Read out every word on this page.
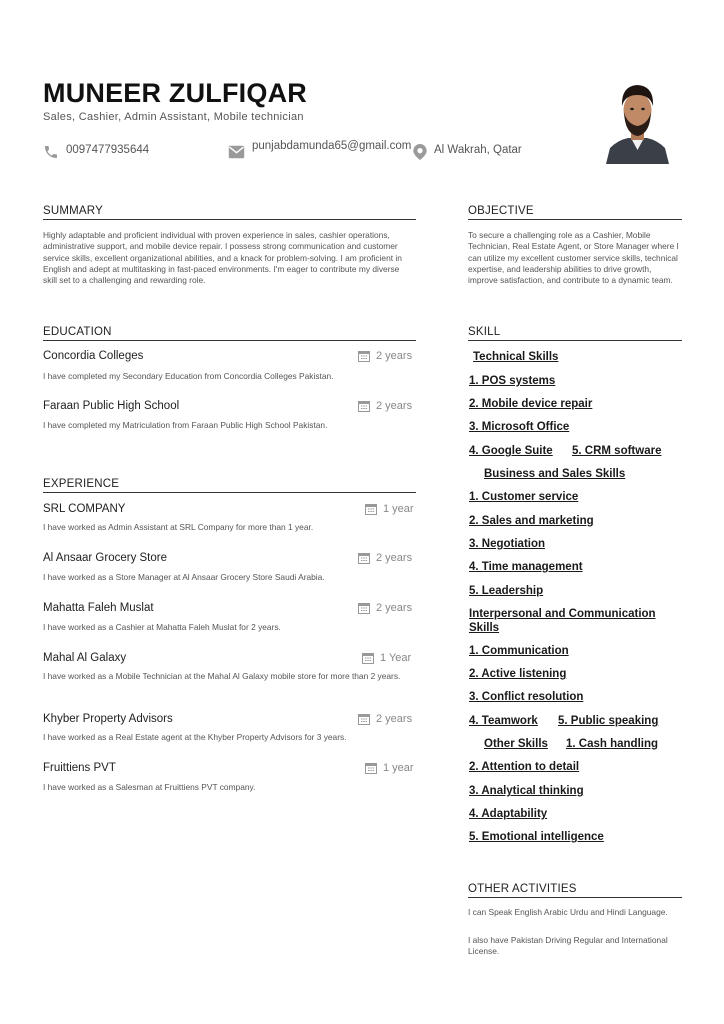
MUNEER ZULFIQAR
Sales, Cashier, Admin Assistant, Mobile technician
0097477935644	punjabdamunda65@gmail.com Al Wakrah, Qatar
SUMMARY
Highly adaptable and proficient individual with proven experience in sales, cashier operations, administrative support, and mobile device repair. I possess strong communication and customer service skills, excellent organizational abilities, and a knack for problem-solving. I am proficient in English and adept at multitasking in fast-paced environments. I'm eager to contribute my diverse skill set to a challenging and rewarding role.
OBJECTIVE
To secure a challenging role as a Cashier, Mobile Technician, Real Estate Agent, or Store Manager where I can utilize my excellent customer service skills, technical expertise, and leadership abilities to drive growth, improve satisfaction, and contribute to a dynamic team.
EDUCATION
Concordia Colleges	2 years
I have completed my Secondary Education from Concordia Colleges Pakistan.
Faraan Public High School	2 years
I have completed my Matriculation from Faraan Public High School Pakistan.
EXPERIENCE
SRL COMPANY	1 year
I have worked as Admin Assistant at SRL Company for more than 1 year.
Al Ansaar Grocery Store	2 years
I have worked as a Store Manager at Al Ansaar Grocery Store Saudi Arabia.
Mahatta Faleh Muslat	2 years
I have worked as a Cashier at Mahatta Faleh Muslat for 2 years.
Mahal Al Galaxy	1 Year
I have worked as a Mobile Technician at the Mahal Al Galaxy mobile store for more than 2 years.
Khyber Property Advisors	2 years
I have worked as a Real Estate agent at the Khyber Property Advisors for 3 years.
Fruittiens PVT	1 year
I have worked as a Salesman at Fruittiens PVT company.
SKILL
Technical Skills
1. POS systems
2. Mobile device repair
3. Microsoft Office
4. Google Suite 5. CRM software
Business and Sales Skills
1. Customer service
2. Sales and marketing
3. Negotiation
4. Time management
5. Leadership
Interpersonal and Communication Skills
1. Communication
2. Active listening
3. Conflict resolution
4. Teamwork 5. Public speaking
Other Skills 1. Cash handling
2. Attention to detail
3. Analytical thinking
4. Adaptability
5. Emotional intelligence
OTHER ACTIVITIES
I can Speak English Arabic Urdu and Hindi Language.
I also have Pakistan Driving Regular and International License.
